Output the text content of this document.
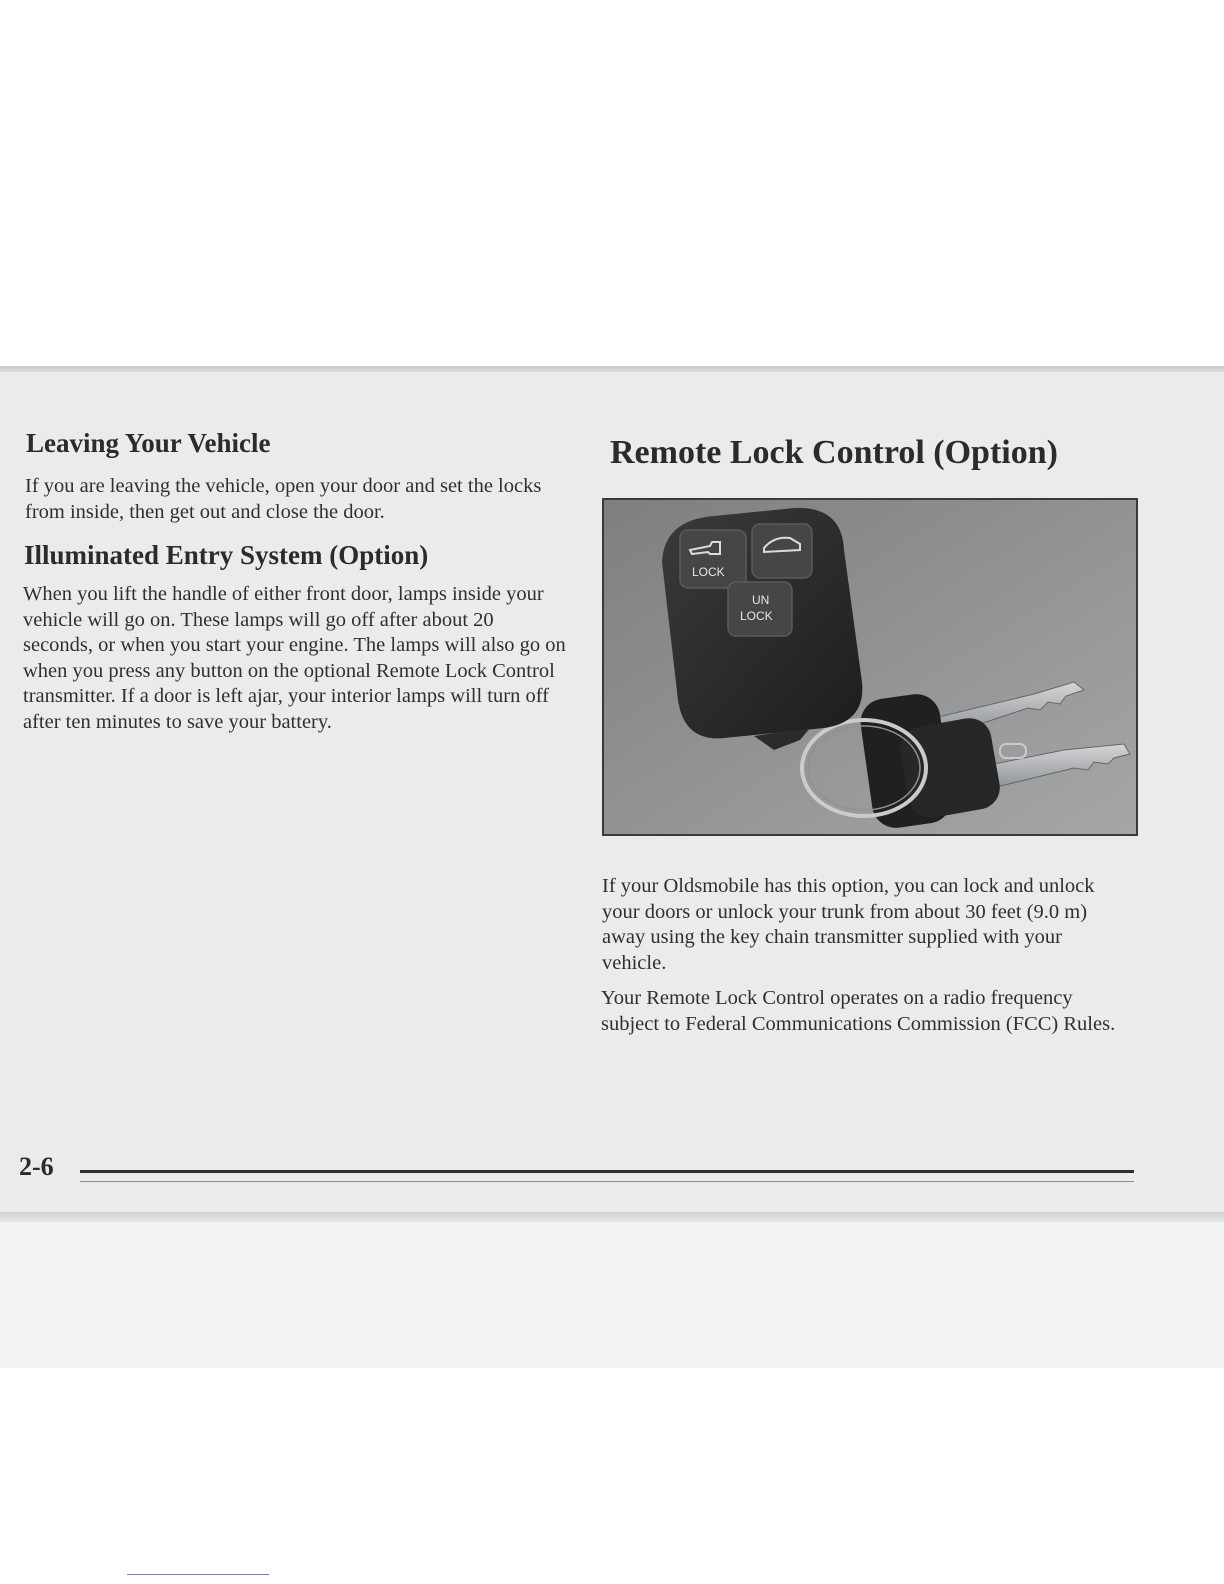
Leaving Your Vehicle

If you are leaving the vehicle, open your door and set the locks from inside, then get out and close the door.

Illuminated Entry System (Option)

When you lift the handle of either front door, lamps inside your vehicle will go on. These lamps will go off after about 20 seconds, or when you start your engine. The lamps will also go on when you press any button on the optional Remote Lock Control transmitter. If a door is left ajar, your interior lamps will turn off after ten minutes to save your battery.

Remote Lock Control (Option)
LOCK
UN
LOCK

If your Oldsmobile has this option, you can lock and unlock your doors or unlock your trunk from about 30 feet (9.0 m) away using the key chain transmitter supplied with your vehicle.

Your Remote Lock Control operates on a radio frequency subject to Federal Communications Commission (FCC) Rules.

2-6
